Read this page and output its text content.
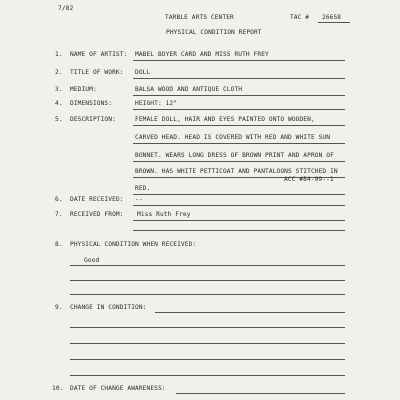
7/82
TARBLE ARTS CENTER	TAC # 26658
PHYSICAL CONDITION REPORT
1. NAME OF ARTIST: MABEL BOYER CARD AND MISS RUTH FREY
2. TITLE OF WORK: DOLL
3. MEDIUM:	BALSA WOOD AND ANTIQUE CLOTH
4. DIMENSIONS:	HEIGHT: 12"
5. DESCRIPTION:	FEMALE DOLL, HAIR AND EYES PAINTED ONTO WOODEN,
CARVED HEAD. HEAD IS COVERED WITH RED AND WHITE SUN
BONNET. WEARS LONG DRESS OF BROWN PRINT AND APRON OF
BROWN. HAS WHITE PETTICOAT AND PANTALOONS STITCHED IN
RED.
ACC #84-99--1
6. DATE RECEIVED: --
7. RECEIVED FROM: Miss Ruth Frey
8. PHYSICAL CONDITION WHEN RECEIVED:
Good
9. CHANGE IN CONDITION:
10. DATE OF CHANGE AWARENESS:
